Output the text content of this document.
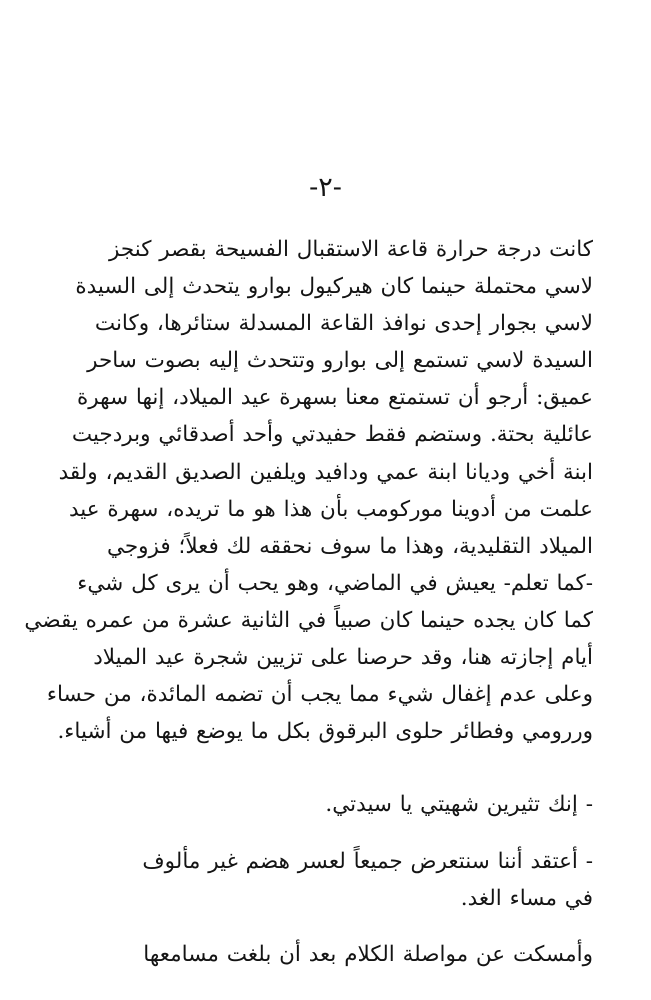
-٢-
كانت درجة حرارة قاعة الاستقبال الفسيحة بقصر كنجز
لاسي محتملة حينما كان هيركيول بوارو يتحدث إلى السيدة
لاسي بجوار إحدى نوافذ القاعة المسدلة ستائرها، وكانت
السيدة لاسي تستمع إلى بوارو وتتحدث إليه بصوت ساحر
عميق: أرجو أن تستمتع معنا بسهرة عيد الميلاد، إنها سهرة
عائلية بحتة. وستضم فقط حفيدتي وأحد أصدقائي وبردجيت
ابنة أخي وديانا ابنة عمي ودافيد ويلفين الصديق القديم، ولقد
علمت من أدوينا موركومب بأن هذا هو ما تريده، سهرة عيد
الميلاد التقليدية، وهذا ما سوف نحققه لك فعلاً؛ فزوجي
-كما تعلم- يعيش في الماضي، وهو يحب أن يرى كل شيء
كما كان يجده حينما كان صبياً في الثانية عشرة من عمره يقضي
أيام إجازته هنا، وقد حرصنا على تزيين شجرة عيد الميلاد
وعلى عدم إغفال شيء مما يجب أن تضمه المائدة، من حساء
وررومي وفطائر حلوى البرقوق بكل ما يوضع فيها من أشياء.
- إنك تثيرين شهيتي يا سيدتي.
- أعتقد أننا سنتعرض جميعاً لعسر هضم غير مألوف
في مساء الغد.
وأمسكت عن مواصلة الكلام بعد أن بلغت مسامعها
